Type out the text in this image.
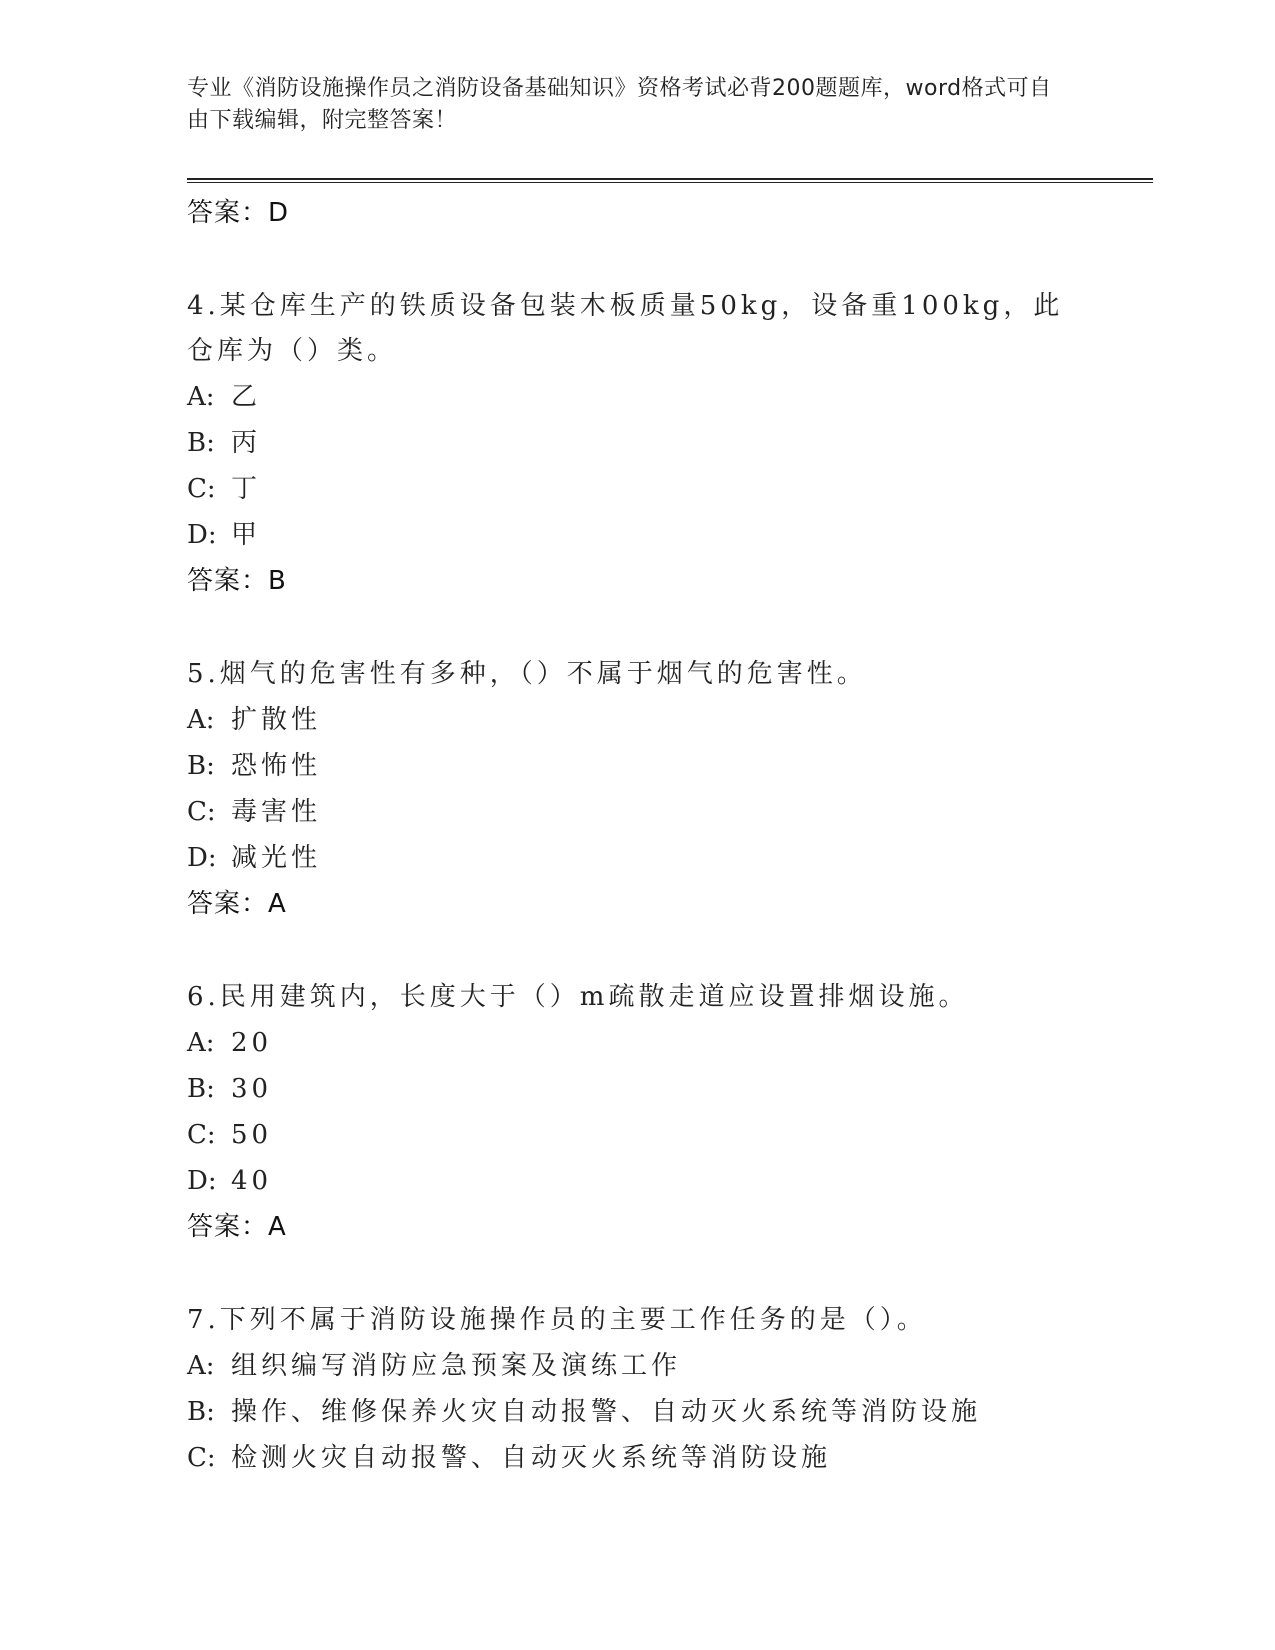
专业《消防设施操作员之消防设备基础知识》资格考试必背200题题库，word格式可自由下载编辑，附完整答案！
答案：D
4.某仓库生产的铁质设备包装木板质量50kg，设备重100kg，此仓库为（）类。
A: 乙
B: 丙
C: 丁
D: 甲
答案：B
5.烟气的危害性有多种，（）不属于烟气的危害性。
A: 扩散性
B: 恐怖性
C: 毒害性
D: 减光性
答案：A
6.民用建筑内，长度大于（）m疏散走道应设置排烟设施。
A: 20
B: 30
C: 50
D: 40
答案：A
7.下列不属于消防设施操作员的主要工作任务的是（）。
A: 组织编写消防应急预案及演练工作
B: 操作、维修保养火灾自动报警、自动灭火系统等消防设施
C: 检测火灾自动报警、自动灭火系统等消防设施
